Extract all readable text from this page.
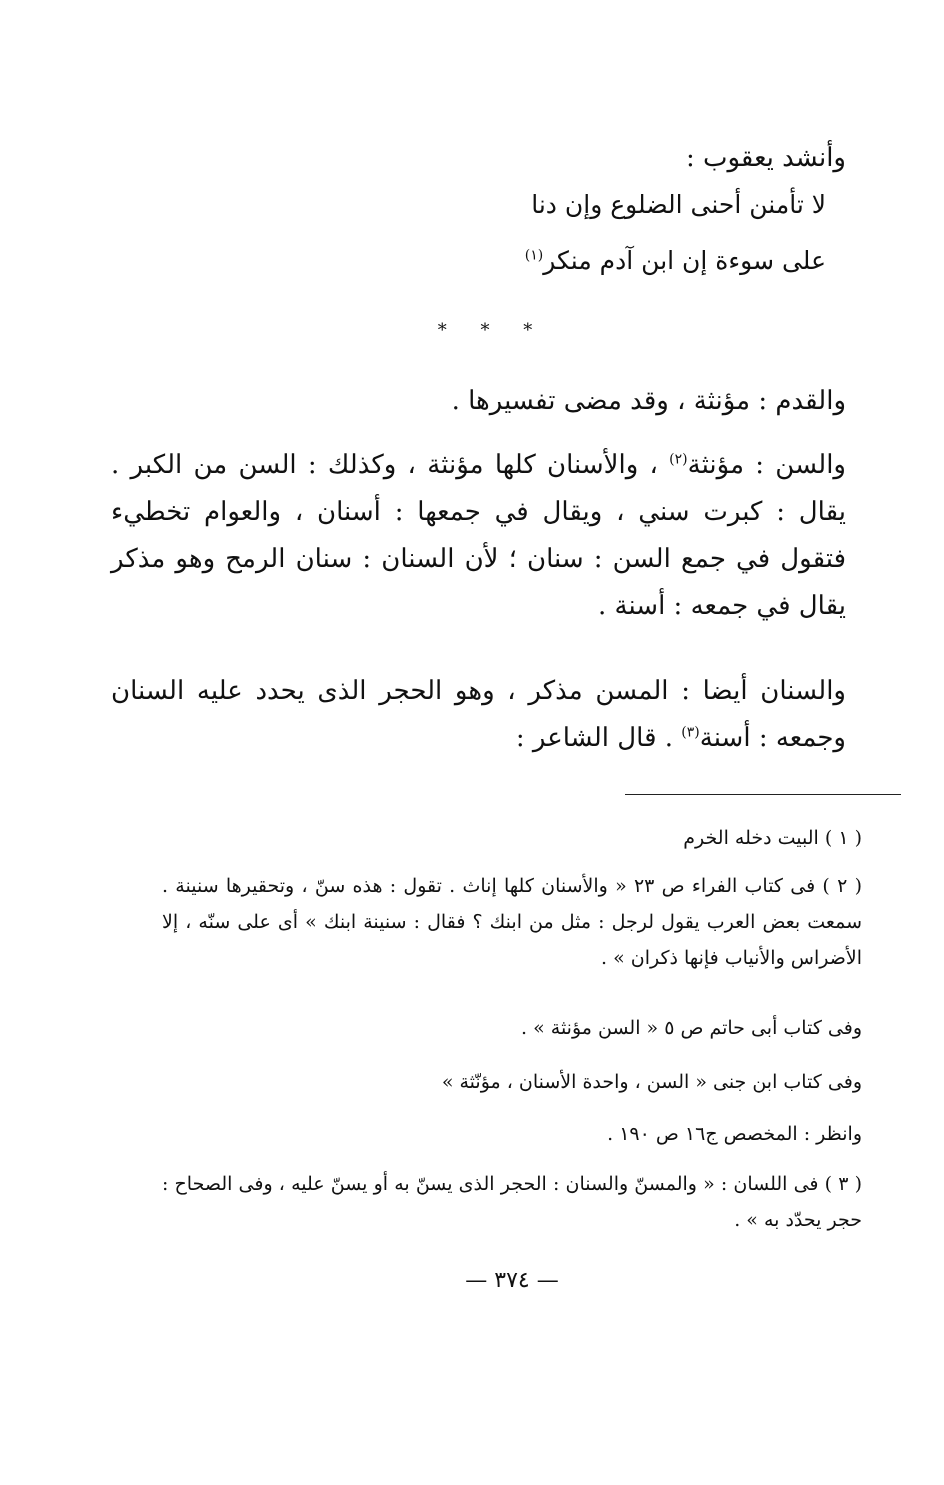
وأنشد يعقوب :
لا تأمنن أحنى الضلوع وإن دنا
على سوءة إن ابن آدم منكر$^{(١)}$
* * *
والقدم : مؤنثة ، وقد مضى تفسيرها .
والسن : مؤنثة$^{(٢)}$ ، والأسنان كلها مؤنثة ، وكذلك : السن من الكبر . يقال : كبرت سني ، ويقال في جمعها : أسنان ، والعوام تخطيء فتقول في جمع السن : سنان ؛ لأن السنان : سنان الرمح وهو مذكر يقال في جمعه : أسنة .
والسنان أيضا : المسن مذكر ، وهو الحجر الذى يحدد عليه السنان وجمعه : أسنة$^{(٣)}$ . قال الشاعر :
( ١ ) البيت دخله الخرم
( ٢ ) فى كتاب الفراء ص ٢٣ « والأسنان كلها إناث . تقول : هذه سنّ ، وتحقيرها سنينة . سمعت بعض العرب يقول لرجل : مثل من ابنك ؟ فقال : سنينة ابنك » أى على سنّه ، إلا الأضراس والأنياب فإنها ذكران » .
وفى كتاب أبى حاتم ص ٥ « السن مؤنثة » .
وفى كتاب ابن جنى « السن ، واحدة الأسنان ، مؤنّثة »
وانظر : المخصص ج١٦ ص ١٩٠ .
( ٣ ) فى اللسان : « والمسنّ والسنان : الحجر الذى يسنّ به أو يسنّ عليه ، وفى الصحاح : حجر يحدّد به » .
— ٣٧٤ —
